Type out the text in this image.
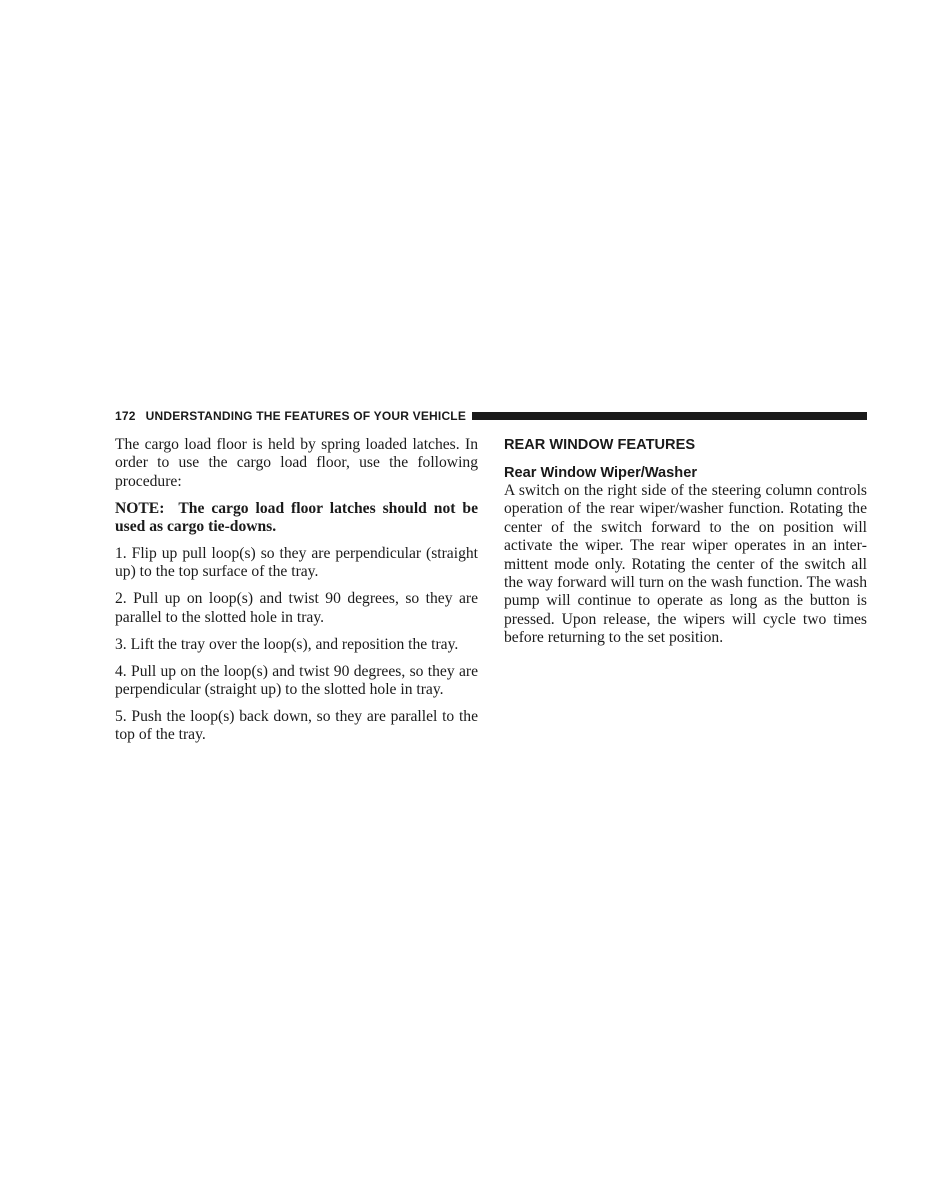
172 UNDERSTANDING THE FEATURES OF YOUR VEHICLE

The cargo load floor is held by spring loaded latches. In order to use the cargo load floor, use the following procedure:

NOTE: The cargo load floor latches should not be used as cargo tie-downs.

1. Flip up pull loop(s) so they are perpendicular (straight up) to the top surface of the tray.

2. Pull up on loop(s) and twist 90 degrees, so they are parallel to the slotted hole in tray.

3. Lift the tray over the loop(s), and reposition the tray.

4. Pull up on the loop(s) and twist 90 degrees, so they are perpendicular (straight up) to the slotted hole in tray.

5. Push the loop(s) back down, so they are parallel to the top of the tray.

REAR WINDOW FEATURES
Rear Window Wiper/Washer

A switch on the right side of the steering column controls operation of the rear wiper/washer function. Rotating the center of the switch forward to the on position will activate the wiper. The rear wiper operates in an intermittent mode only. Rotating the center of the switch all the way forward will turn on the wash function. The wash pump will continue to operate as long as the button is pressed. Upon release, the wipers will cycle two times before returning to the set position.
